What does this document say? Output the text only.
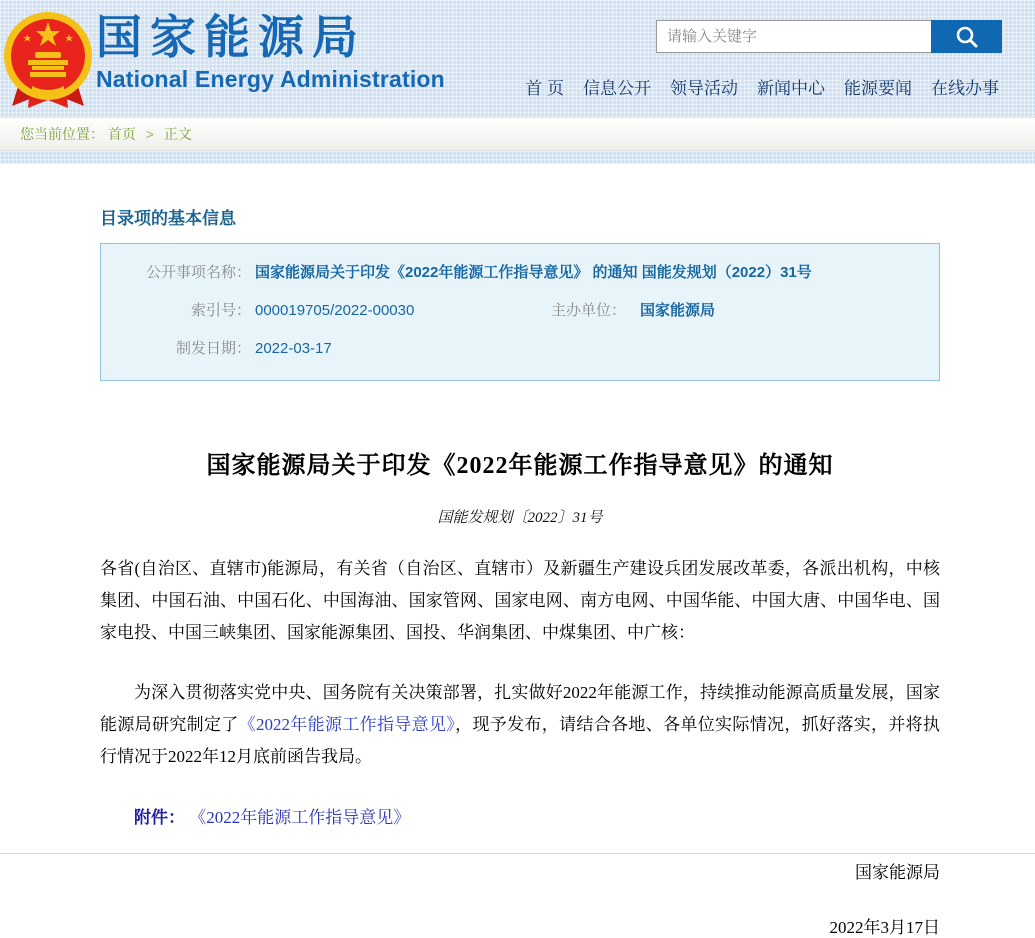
国家能源局
National Energy Administration
请输入关键字	首 页 信息公开 领导活动 新闻中心 能源要闻 在线办事
您当前位置： 首页 > 正文
目录项的基本信息
公开事项名称： 国家能源局关于印发《2022年能源工作指导意见》 的通知 国能发规划（2022）31号
索引号： 000019705/2022-00030	主办单位： 国家能源局
制发日期： 2022-03-17
国家能源局关于印发《2022年能源工作指导意见》的通知
国能发规划〔2022〕31号

各省(自治区、直辖市)能源局，有关省（自治区、直辖市）及新疆生产建设兵团发展改革委，各派出机构，中核集团、中国石油、中国石化、中国海油、国家管网、国家电网、南方电网、中国华能、中国大唐、中国华电、国家电投、中国三峡集团、国家能源集团、国投、华润集团、中煤集团、中广核：

为深入贯彻落实党中央、国务院有关决策部署，扎实做好2022年能源工作，持续推动能源高质量发展，国家能源局研究制定了《2022年能源工作指导意见》，现予发布，请结合各地、各单位实际情况，抓好落实，并将执行情况于2022年12月底前函告我局。

附件： 《2022年能源工作指导意见》
国家能源局
2022年3月17日
